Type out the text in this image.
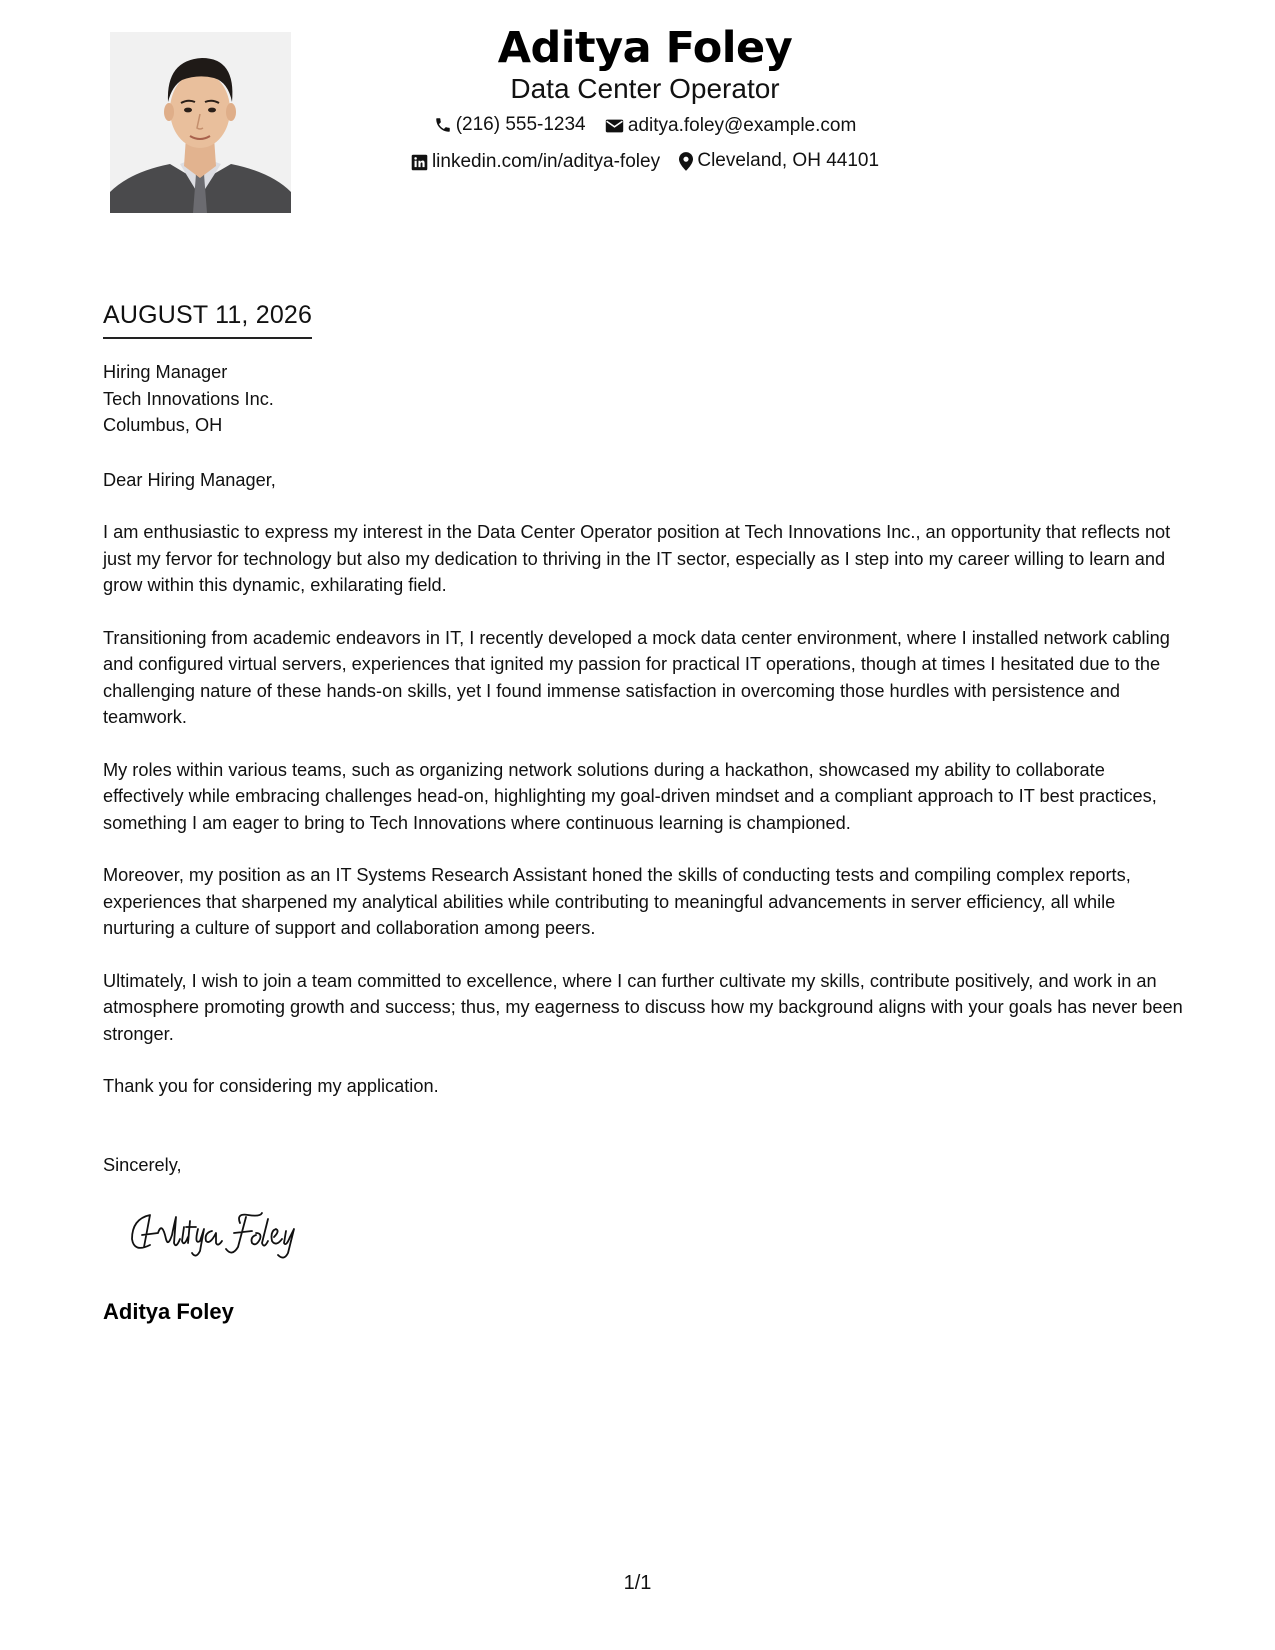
Aditya Foley
Data Center Operator
(216) 555-1234
aditya.foley@example.com
linkedin.com/in/aditya-foley
Cleveland, OH 44101
AUGUST 11, 2026
Hiring Manager
Tech Innovations Inc.
Columbus, OH
Dear Hiring Manager,
I am enthusiastic to express my interest in the Data Center Operator position at Tech Innovations Inc., an opportunity that reflects not just my fervor for technology but also my dedication to thriving in the IT sector, especially as I step into my career willing to learn and grow within this dynamic, exhilarating field.
Transitioning from academic endeavors in IT, I recently developed a mock data center environment, where I installed network cabling and configured virtual servers, experiences that ignited my passion for practical IT operations, though at times I hesitated due to the challenging nature of these hands-on skills, yet I found immense satisfaction in overcoming those hurdles with persistence and teamwork.
My roles within various teams, such as organizing network solutions during a hackathon, showcased my ability to collaborate effectively while embracing challenges head-on, highlighting my goal-driven mindset and a compliant approach to IT best practices, something I am eager to bring to Tech Innovations where continuous learning is championed.
Moreover, my position as an IT Systems Research Assistant honed the skills of conducting tests and compiling complex reports, experiences that sharpened my analytical abilities while contributing to meaningful advancements in server efficiency, all while nurturing a culture of support and collaboration among peers.
Ultimately, I wish to join a team committed to excellence, where I can further cultivate my skills, contribute positively, and work in an atmosphere promoting growth and success; thus, my eagerness to discuss how my background aligns with your goals has never been stronger.
Thank you for considering my application.
Sincerely,
Aditya Foley
1/1
